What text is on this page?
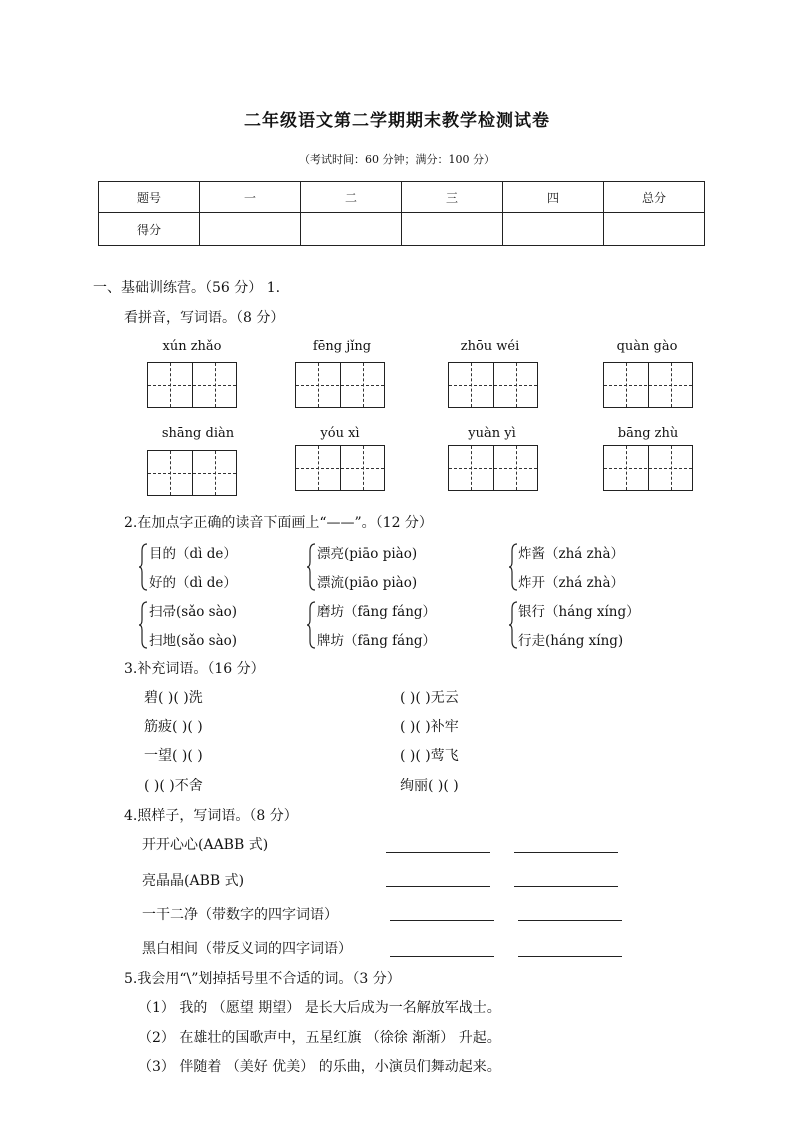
二年级语文第二学期期末教学检测试卷
（考试时间：60 分钟；满分：100 分）
题号	一	二	三	四	总分
得分					
一、基础训练营。（56 分） 1.
看拼音，写词语。（8 分）
xún zhǎo	fēng jǐng	zhōu wéi	quàn gào
shāng diàn	yóu xì	yuàn yì	bāng zhù
2.在加点字正确的读音下面画上“——”。（12 分）
目的（dì de）
好的（dì de）
漂亮(piāo piào)
漂流(piāo piào)
炸酱（zhá zhà）
炸开（zhá zhà）
扫帚(sǎo sào)
扫地(sǎo sào)
磨坊（fāng fáng）
牌坊（fāng fáng）
银行（háng xíng）
行走(háng xíng)
3.补充词语。（16 分）
碧( )( )洗	( )( )无云
筋疲( )( )	( )( )补牢
一望( )( )	( )( )莺飞
( )( )不舍	绚丽( )( )
4.照样子，写词语。（8 分）
开开心心(AABB 式)
亮晶晶(ABB 式)
一干二净（带数字的四字词语）
黑白相间（带反义词的四字词语）
5.我会用“\”划掉括号里不合适的词。（3 分）
（1） 我的 （愿望 期望） 是长大后成为一名解放军战士。
（2） 在雄壮的国歌声中，五星红旗 （徐徐 渐渐） 升起。
（3） 伴随着 （美好 优美） 的乐曲，小演员们舞动起来。
